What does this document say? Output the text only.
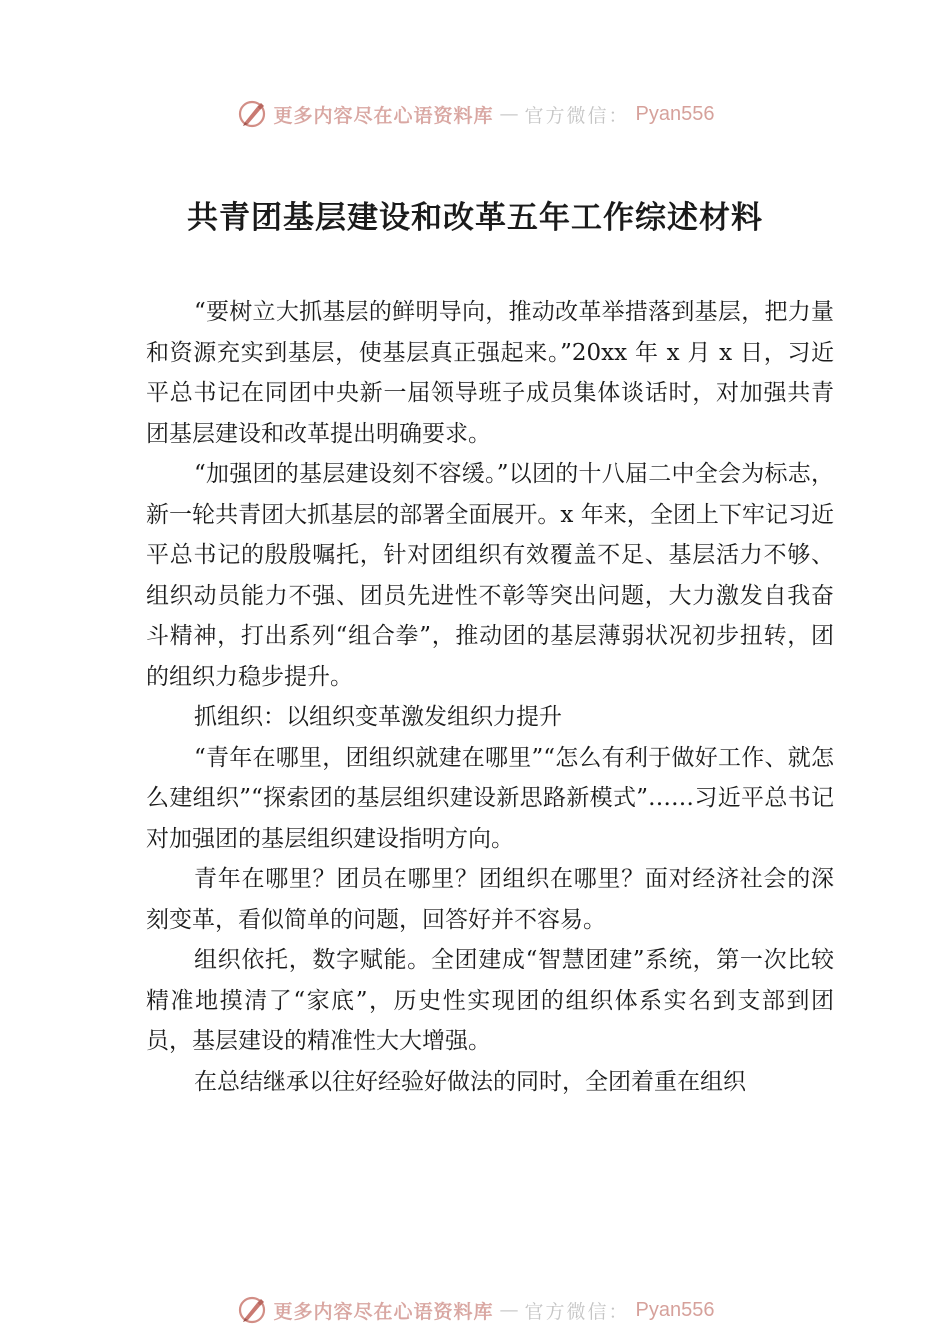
更多内容尽在心语资料库 — 官方微信： Pyan556
共青团基层建设和改革五年工作综述材料

“要树立大抓基层的鲜明导向，推动改革举措落到基层，把力量和资源充实到基层，使基层真正强起来。”20xx 年 x 月 x 日，习近平总书记在同团中央新一届领导班子成员集体谈话时，对加强共青团基层建设和改革提出明确要求。

“加强团的基层建设刻不容缓。”以团的十八届二中全会为标志，新一轮共青团大抓基层的部署全面展开。x 年来，全团上下牢记习近平总书记的殷殷嘱托，针对团组织有效覆盖不足、基层活力不够、组织动员能力不强、团员先进性不彰等突出问题，大力激发自我奋斗精神，打出系列“组合拳”，推动团的基层薄弱状况初步扭转，团的组织力稳步提升。

抓组织：以组织变革激发组织力提升

“青年在哪里，团组织就建在哪里”“怎么有利于做好工作、就怎么建组织”“探索团的基层组织建设新思路新模式”……习近平总书记对加强团的基层组织建设指明方向。

青年在哪里？团员在哪里？团组织在哪里？面对经济社会的深刻变革，看似简单的问题，回答好并不容易。

组织依托，数字赋能。全团建成“智慧团建”系统，第一次比较精准地摸清了“家底”，历史性实现团的组织体系实名到支部到团员，基层建设的精准性大大增强。

在总结继承以往好经验好做法的同时，全团着重在组织

更多内容尽在心语资料库 — 官方微信： Pyan556
